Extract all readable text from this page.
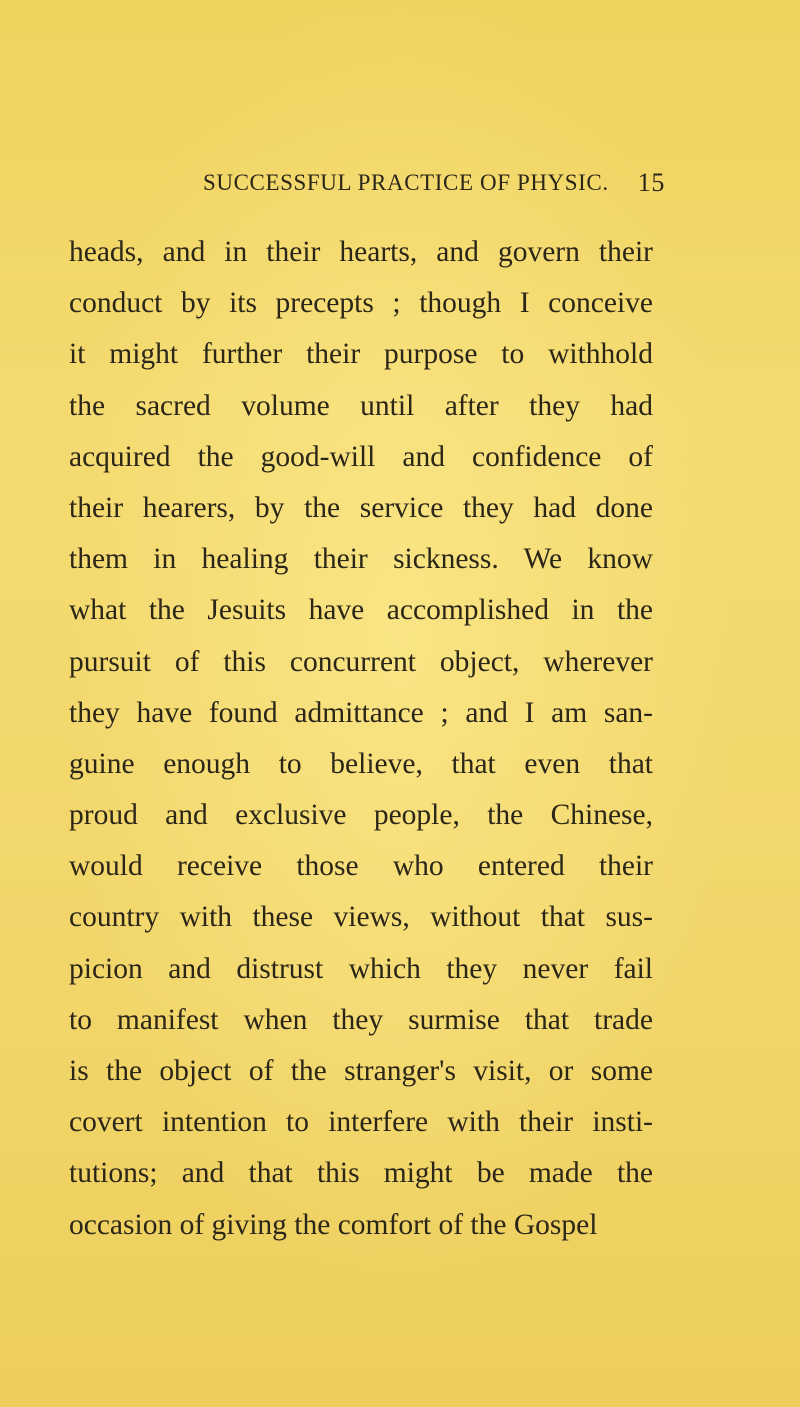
SUCCESSFUL PRACTICE OF PHYSIC. 15
heads, and in their hearts, and govern their
conduct by its precepts ; though I conceive
it might further their purpose to withhold
the sacred volume until after they had
acquired the good-will and confidence of
their hearers, by the service they had done
them in healing their sickness. We know
what the Jesuits have accomplished in the
pursuit of this concurrent object, wherever
they have found admittance ; and I am san-
guine enough to believe, that even that
proud and exclusive people, the Chinese,
would receive those who entered their
country with these views, without that sus-
picion and distrust which they never fail
to manifest when they surmise that trade
is the object of the stranger's visit, or some
covert intention to interfere with their insti-
tutions; and that this might be made the
occasion of giving the comfort of the Gospel
